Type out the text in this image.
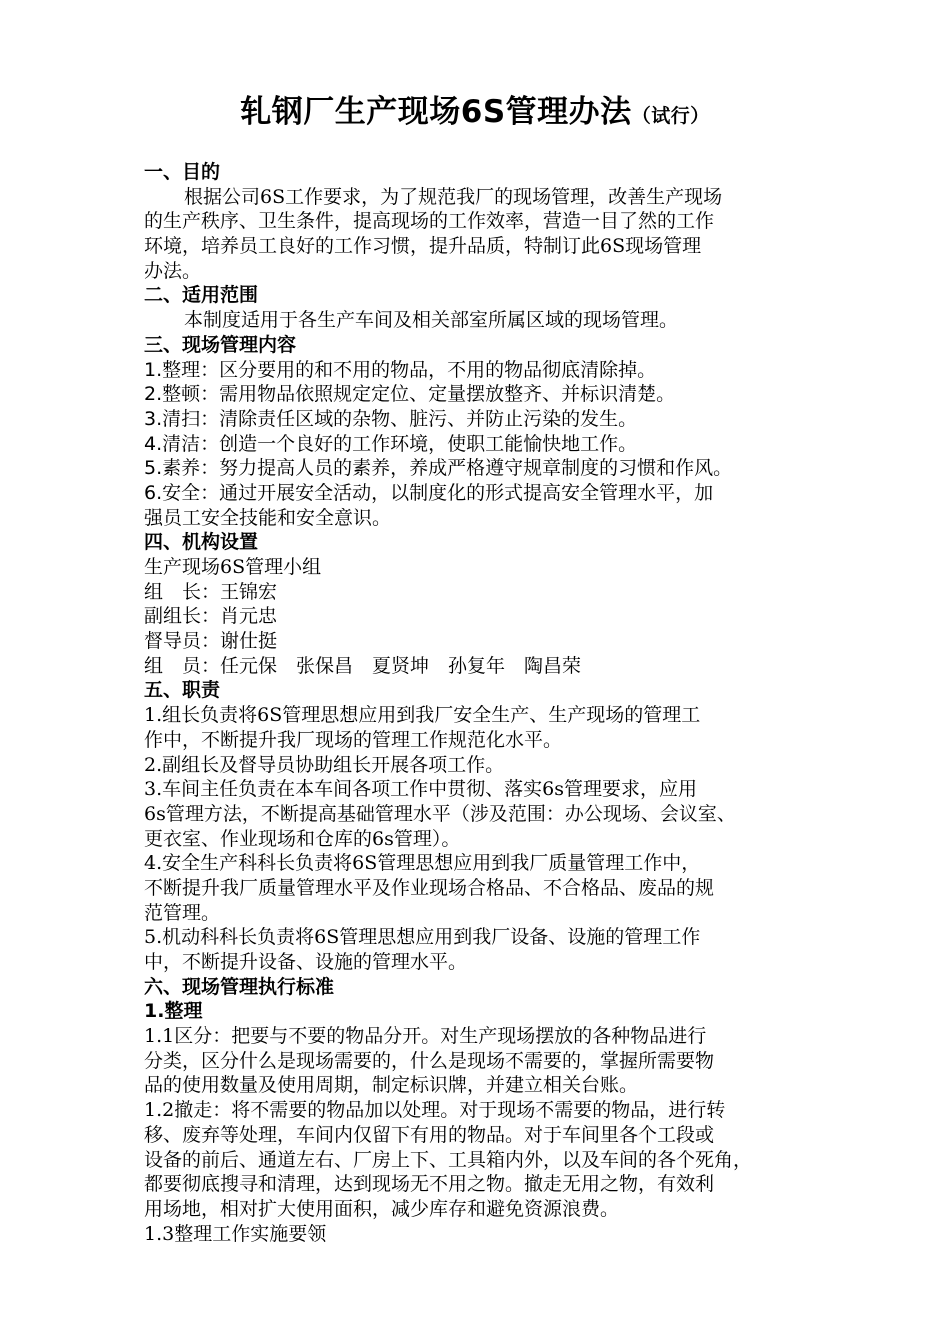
轧钢厂生产现场6S管理办法（试行）
一、目的
根据公司6S工作要求，为了规范我厂的现场管理，改善生产现场
的生产秩序、卫生条件，提高现场的工作效率，营造一目了然的工作
环境，培养员工良好的工作习惯，提升品质，特制订此6S现场管理
办法。
二、适用范围
本制度适用于各生产车间及相关部室所属区域的现场管理。
三、现场管理内容
1.整理：区分要用的和不用的物品，不用的物品彻底清除掉。
2.整顿：需用物品依照规定定位、定量摆放整齐、并标识清楚。
3.清扫：清除责任区域的杂物、脏污、并防止污染的发生。
4.清洁：创造一个良好的工作环境，使职工能愉快地工作。
5.素养：努力提高人员的素养，养成严格遵守规章制度的习惯和作风。
6.安全：通过开展安全活动，以制度化的形式提高安全管理水平，加
强员工安全技能和安全意识。
四、机构设置
生产现场6S管理小组
组　长：王锦宏
副组长：肖元忠
督导员：谢仕挺
组　员：任元保　张保昌　夏贤坤　孙复年　陶昌荣
五、职责
1.组长负责将6S管理思想应用到我厂安全生产、生产现场的管理工
作中，不断提升我厂现场的管理工作规范化水平。
2.副组长及督导员协助组长开展各项工作。
3.车间主任负责在本车间各项工作中贯彻、落实6s管理要求，应用
6s管理方法，不断提高基础管理水平（涉及范围：办公现场、会议室、
更衣室、作业现场和仓库的6s管理）。
4.安全生产科科长负责将6S管理思想应用到我厂质量管理工作中，
不断提升我厂质量管理水平及作业现场合格品、不合格品、废品的规
范管理。
5.机动科科长负责将6S管理思想应用到我厂设备、设施的管理工作
中，不断提升设备、设施的管理水平。
六、现场管理执行标准
1.整理
1.1区分：把要与不要的物品分开。对生产现场摆放的各种物品进行
分类，区分什么是现场需要的，什么是现场不需要的，掌握所需要物
品的使用数量及使用周期，制定标识牌，并建立相关台账。
1.2撤走：将不需要的物品加以处理。对于现场不需要的物品，进行转
移、废弃等处理，车间内仅留下有用的物品。对于车间里各个工段或
设备的前后、通道左右、厂房上下、工具箱内外，以及车间的各个死角，
都要彻底搜寻和清理，达到现场无不用之物。撤走无用之物，有效利
用场地，相对扩大使用面积，减少库存和避免资源浪费。
1.3整理工作实施要领
